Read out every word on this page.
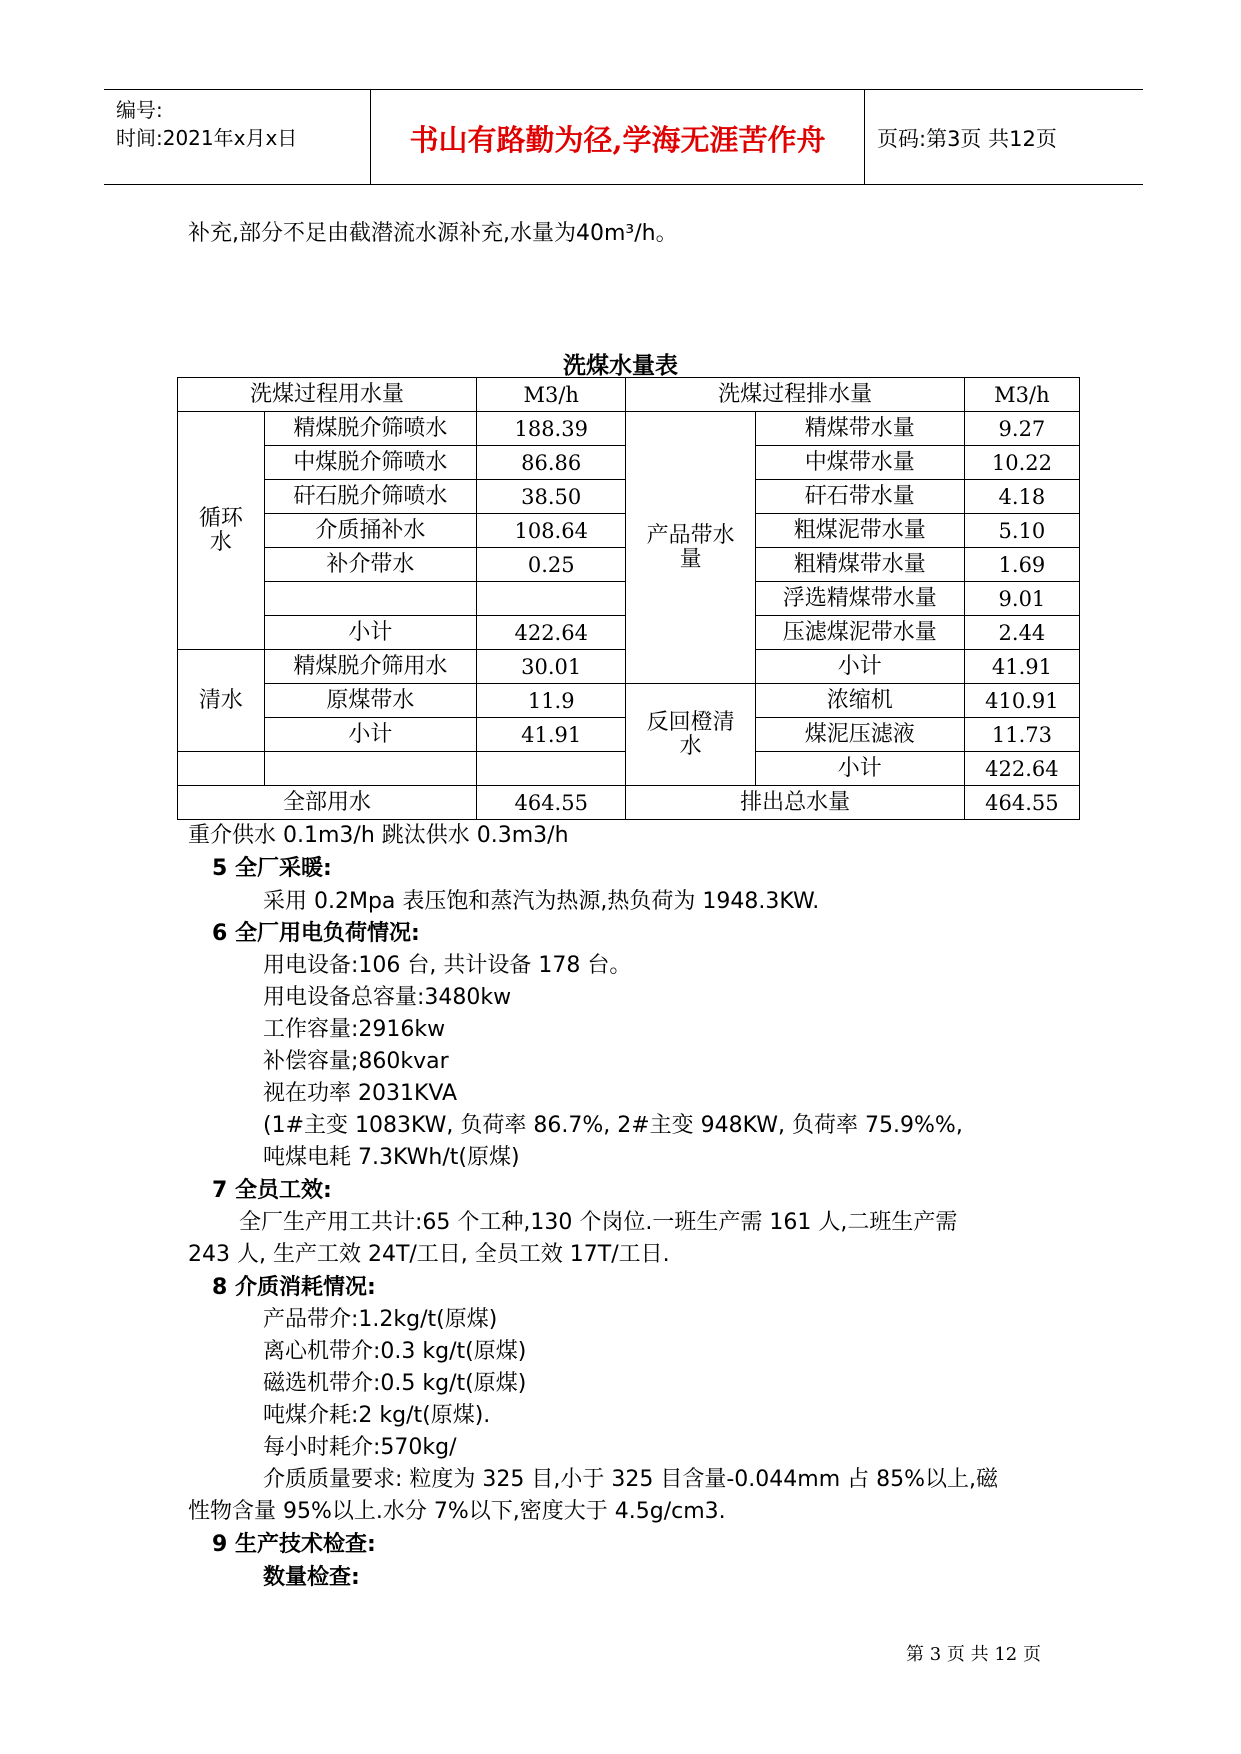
编号:
时间:2021年x月x日	书山有路勤为径,学海无涯苦作舟	页码:第3页 共12页
补充,部分不足由截潜流水源补充,水量为40m³/h。
洗煤水量表
洗煤过程用水量		M3/h	洗煤过程排水量		M3/h

循环水	精煤脱介筛喷水	188.39	产品带水量	精煤带水量	9.27
	中煤脱介筛喷水	86.86		中煤带水量	10.22
	矸石脱介筛喷水	38.50		矸石带水量	4.18
	介质捅补水	108.64		粗煤泥带水量	5.10
	补介带水	0.25		粗精煤带水量	1.69
				浮选精煤带水量	9.01
	小计	422.64		压滤煤泥带水量	2.44
清水	精煤脱介筛用水	30.01		小计	41.91
	原煤带水	11.9	反回橙清水	浓缩机	410.91
	小计	41.91		煤泥压滤液	11.73
				小计	422.64
全部用水		464.55	排出总水量		464.55
重介供水 0.1m3/h 跳汰供水 0.3m3/h
5 全厂采暖:
采用 0.2Mpa 表压饱和蒸汽为热源,热负荷为 1948.3KW.
6 全厂用电负荷情况:
用电设备:106 台, 共计设备 178 台。
用电设备总容量:3480kw
工作容量:2916kw
补偿容量;860kvar
视在功率 2031KVA
(1#主变 1083KW, 负荷率 86.7%, 2#主变 948KW, 负荷率 75.9%%,
吨煤电耗 7.3KWh/t(原煤)
7 全员工效:
全厂生产用工共计:65 个工种,130 个岗位.一班生产需 161 人,二班生产需
243 人, 生产工效 24T/工日, 全员工效 17T/工日.
8 介质消耗情况:
产品带介:1.2kg/t(原煤)
离心机带介:0.3 kg/t(原煤)
磁选机带介:0.5 kg/t(原煤)
吨煤介耗:2 kg/t(原煤).
每小时耗介:570kg/
介质质量要求: 粒度为 325 目,小于 325 目含量-0.044mm 占 85%以上,磁
性物含量 95%以上.水分 7%以下,密度大于 4.5g/cm3.
9 生产技术检查:
数量检查:
第 3 页 共 12 页
